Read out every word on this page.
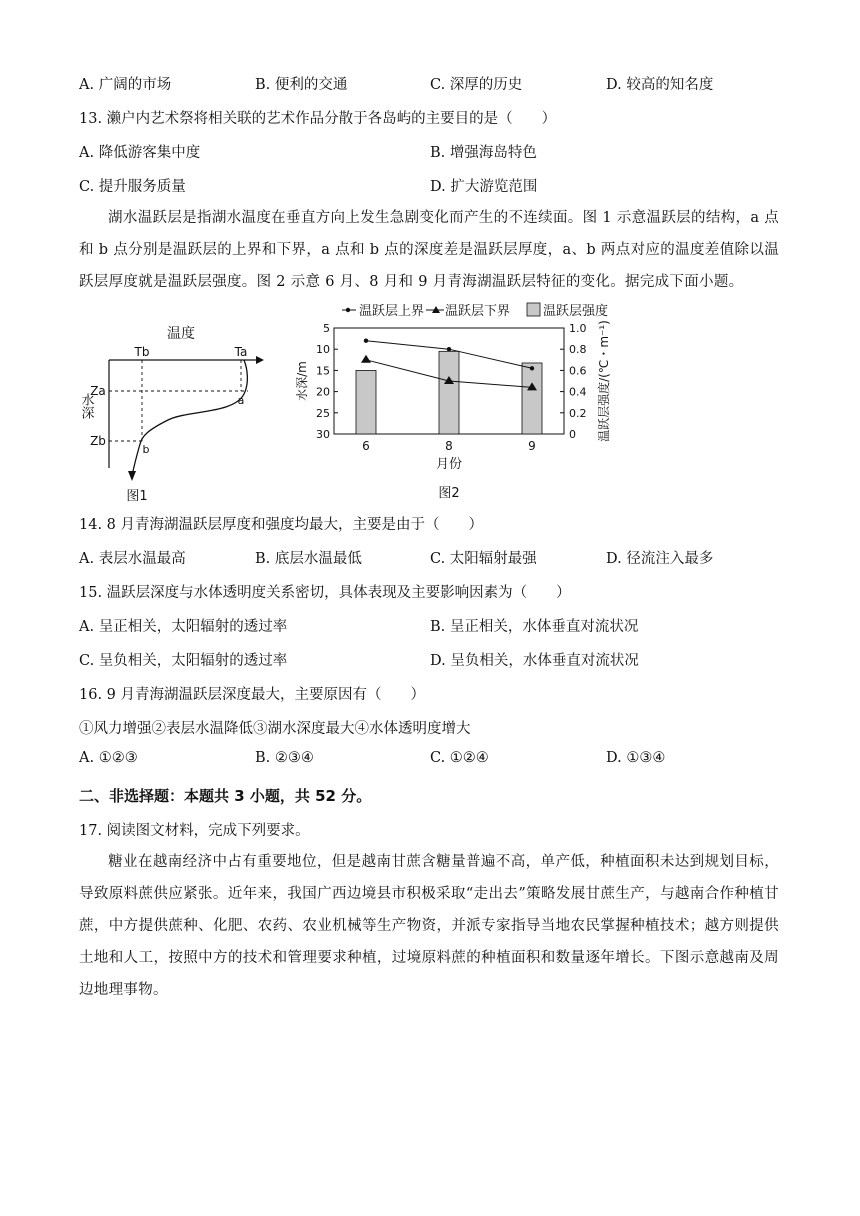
A. 广阔的市场	B. 便利的交通	C. 深厚的历史	D. 较高的知名度
13. 濑户内艺术祭将相关联的艺术作品分散于各岛屿的主要目的是（　　）
A. 降低游客集中度	B. 增强海岛特色
C. 提升服务质量	D. 扩大游览范围
湖水温跃层是指湖水温度在垂直方向上发生急剧变化而产生的不连续面。图 1 示意温跃层的结构，a 点和 b 点分别是温跃层的上界和下界，a 点和 b 点的深度差是温跃层厚度，a、b 两点对应的温度差值除以温跃层厚度就是温跃层强度。图 2 示意 6 月、8 月和 9 月青海湖温跃层特征的变化。据完成下面小题。
温度
Tb	Ta
Za
Zb
a
b
水深
图1
温跃层上界 温跃层下界	温跃层强度
5
10
15
20
25
30
1.0
0.8
0.6
0.4
0.2
0
6	8	9
水深/m	温跃层强度/(℃・m⁻¹)
月份
图2
14. 8 月青海湖温跃层厚度和强度均最大，主要是由于（　　）
A. 表层水温最高	B. 底层水温最低	C. 太阳辐射最强	D. 径流注入最多
15. 温跃层深度与水体透明度关系密切，具体表现及主要影响因素为（　　）
A. 呈正相关，太阳辐射的透过率	B. 呈正相关，水体垂直对流状况
C. 呈负相关，太阳辐射的透过率	D. 呈负相关，水体垂直对流状况
16. 9 月青海湖温跃层深度最大，主要原因有（　　）
①风力增强②表层水温降低③湖水深度最大④水体透明度增大
A. ①②③	B. ②③④	C. ①②④	D. ①③④
二、非选择题：本题共 3 小题，共 52 分。
17. 阅读图文材料，完成下列要求。
糖业在越南经济中占有重要地位，但是越南甘蔗含糖量普遍不高，单产低，种植面积未达到规划目标，导致原料蔗供应紧张。近年来，我国广西边境县市积极采取“走出去”策略发展甘蔗生产，与越南合作种植甘蔗，中方提供蔗种、化肥、农药、农业机械等生产物资，并派专家指导当地农民掌握种植技术；越方则提供土地和人工，按照中方的技术和管理要求种植，过境原料蔗的种植面积和数量逐年增长。下图示意越南及周边地理事物。
